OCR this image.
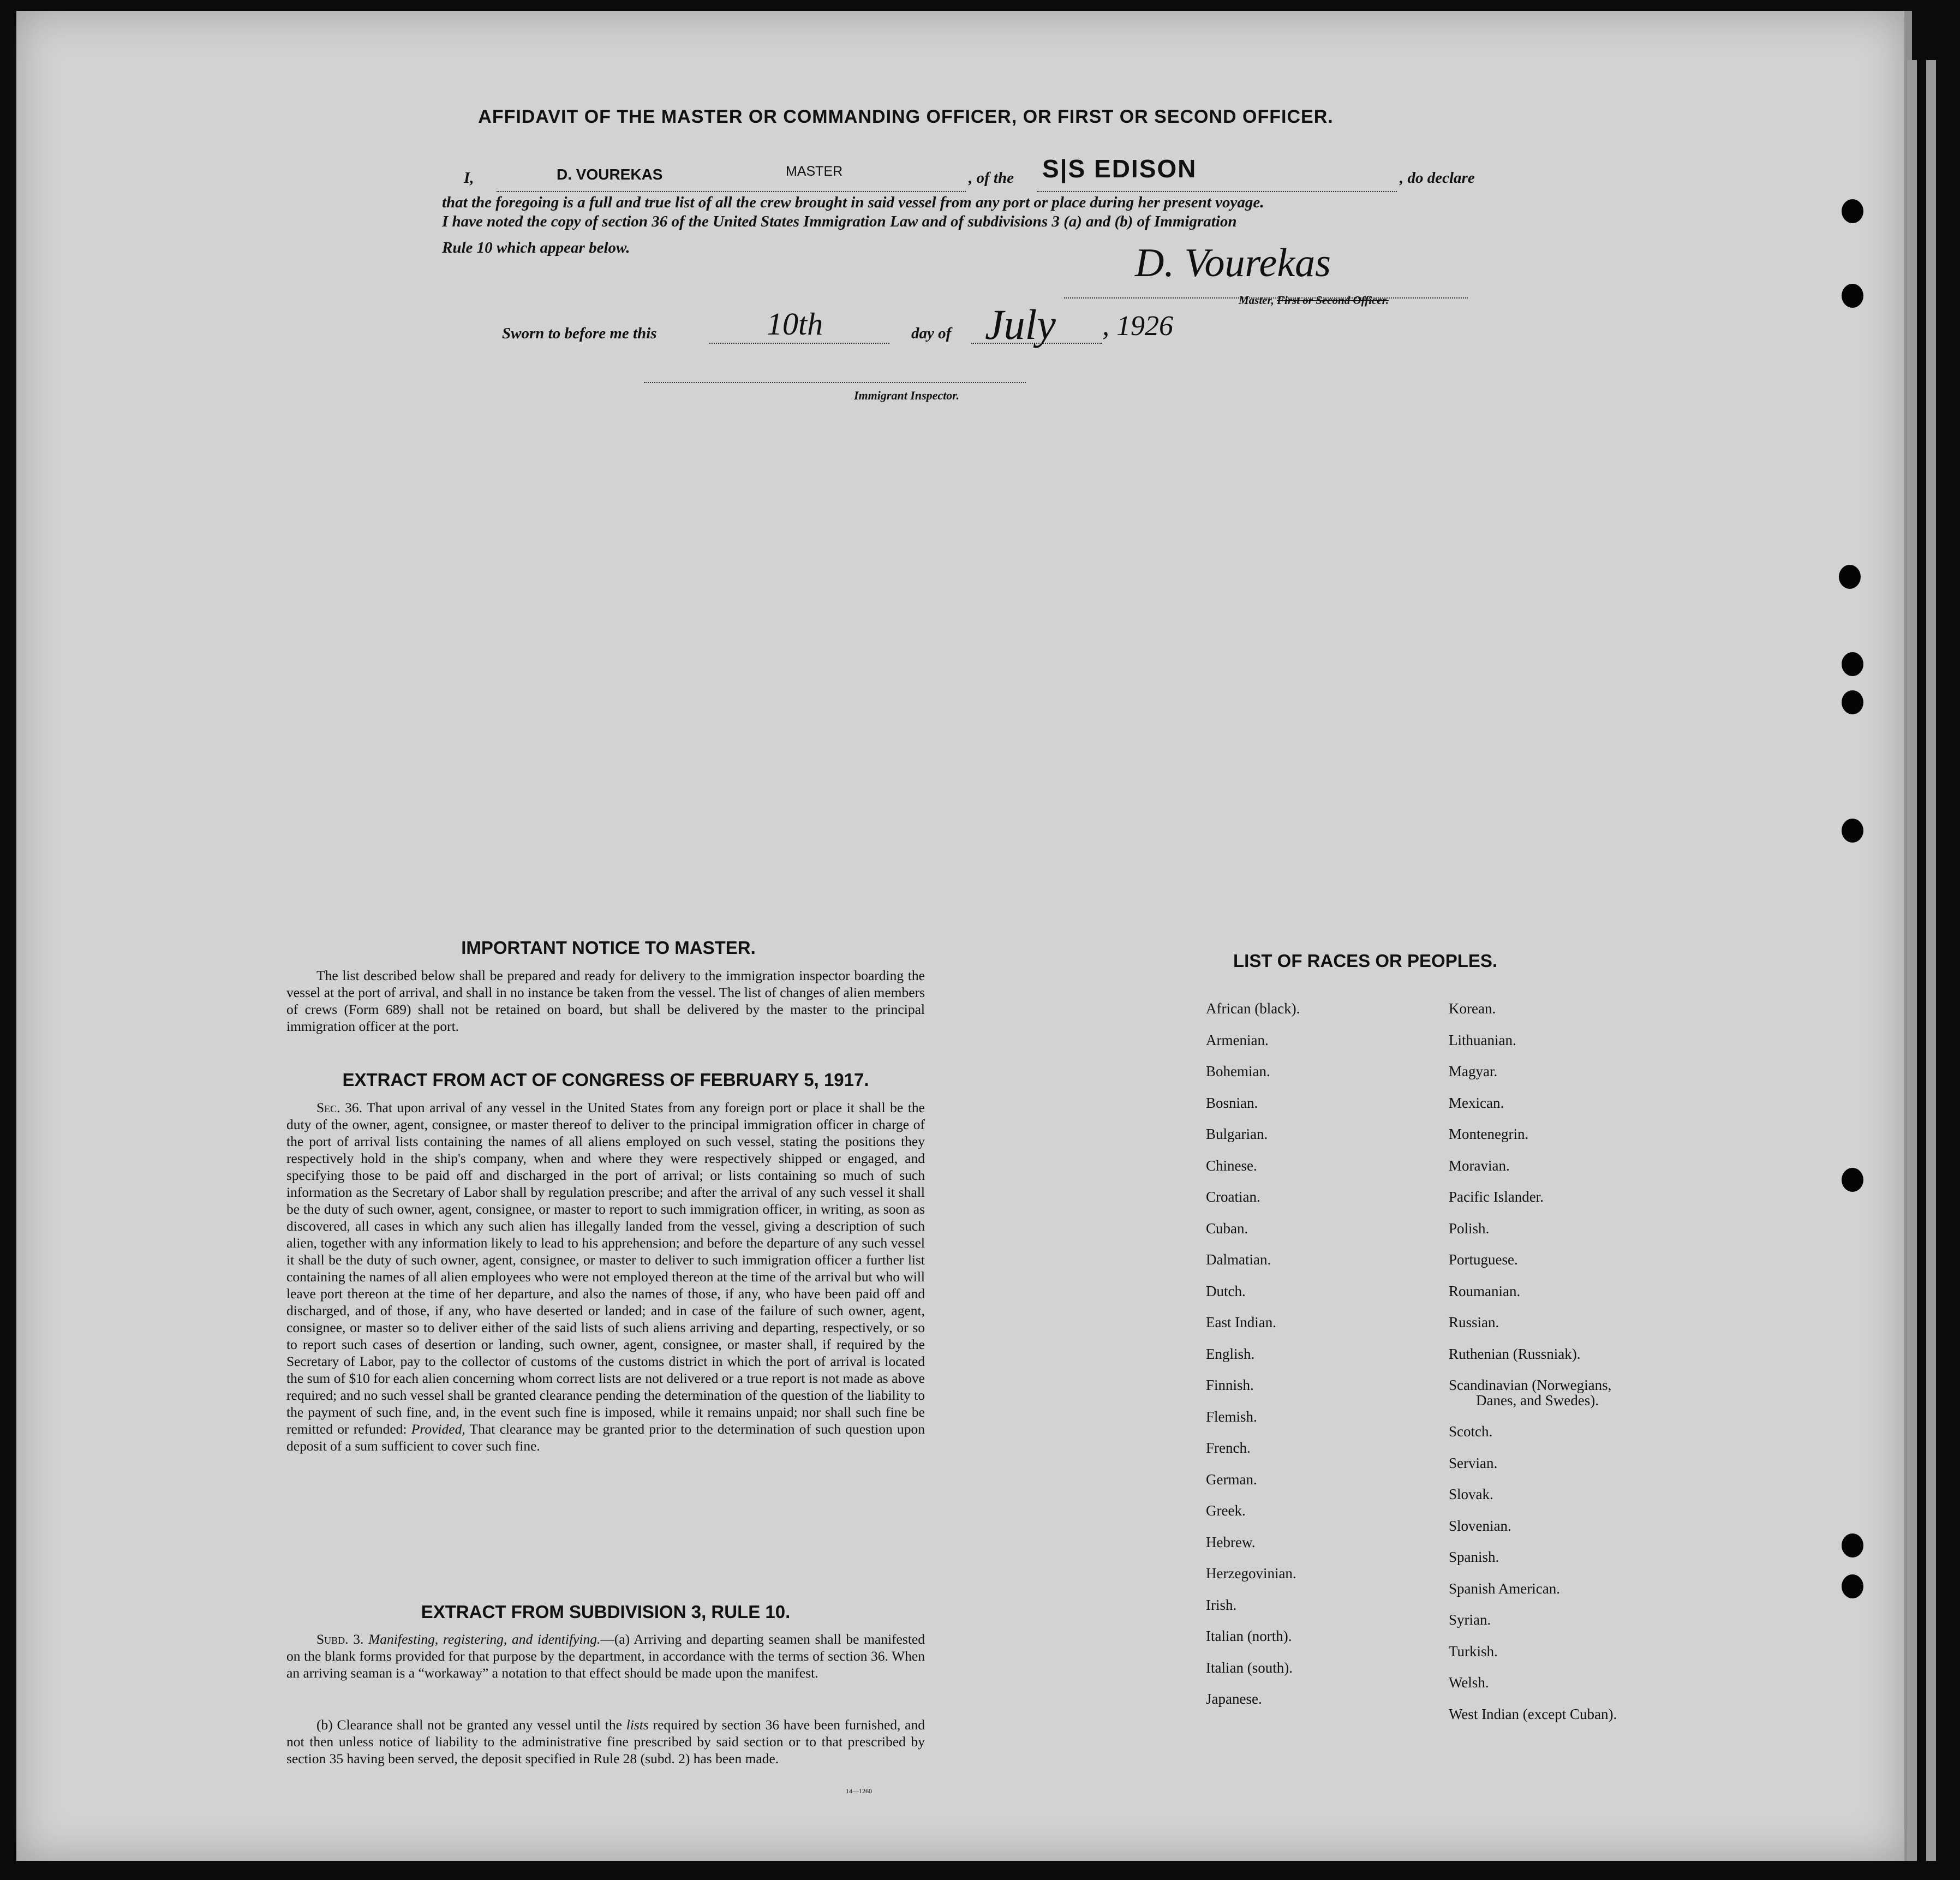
AFFIDAVIT OF THE MASTER OR COMMANDING OFFICER, OR FIRST OR SECOND OFFICER.
I,	D. VOUREKAS	MASTER	, of the S|S EDISON	, do declare
that the foregoing is a full and true list of all the crew brought in said vessel from any port or place during her present voyage.
I have noted the copy of section 36 of the United States Immigration Law and of subdivisions 3 (a) and (b) of Immigration
Rule 10 which appear below.	D. Vourekas
Master, First or Second Officer.
Sworn to before me this	10th	day of July , 1926
Immigrant Inspector.
IMPORTANT NOTICE TO MASTER.
The list described below shall be prepared and ready for delivery to the immigration inspector boarding the vessel at the port of arrival, and shall in no instance be taken from the vessel. The list of changes of alien members of crews (Form 689) shall not be retained on board, but shall be delivered by the master to the principal immigration officer at the port.
EXTRACT FROM ACT OF CONGRESS OF FEBRUARY 5, 1917.
Sec. 36. That upon arrival of any vessel in the United States from any foreign port or place it shall be the duty of the owner, agent, consignee, or master thereof to deliver to the principal immigration officer in charge of the port of arrival lists containing the names of all aliens employed on such vessel, stating the positions they respectively hold in the ship's company, when and where they were respectively shipped or engaged, and specifying those to be paid off and discharged in the port of arrival; or lists containing so much of such information as the Secretary of Labor shall by regulation prescribe; and after the arrival of any such vessel it shall be the duty of such owner, agent, consignee, or master to report to such immigration officer, in writing, as soon as discovered, all cases in which any such alien has illegally landed from the vessel, giving a description of such alien, together with any information likely to lead to his apprehension; and before the departure of any such vessel it shall be the duty of such owner, agent, consignee, or master to deliver to such immigration officer a further list containing the names of all alien employees who were not employed thereon at the time of the arrival but who will leave port thereon at the time of her departure, and also the names of those, if any, who have been paid off and discharged, and of those, if any, who have deserted or landed; and in case of the failure of such owner, agent, consignee, or master so to deliver either of the said lists of such aliens arriving and departing, respectively, or so to report such cases of desertion or landing, such owner, agent, consignee, or master shall, if required by the Secretary of Labor, pay to the collector of customs of the customs district in which the port of arrival is located the sum of $10 for each alien concerning whom correct lists are not delivered or a true report is not made as above required; and no such vessel shall be granted clearance pending the determination of the question of the liability to the payment of such fine, and, in the event such fine is imposed, while it remains unpaid; nor shall such fine be remitted or refunded: Provided, That clearance may be granted prior to the determination of such question upon deposit of a sum sufficient to cover such fine.
EXTRACT FROM SUBDIVISION 3, RULE 10.
Subd. 3. Manifesting, registering, and identifying.—(a) Arriving and departing seamen shall be manifested on the blank forms provided for that purpose by the department, in accordance with the terms of section 36. When an arriving seaman is a “workaway” a notation to that effect should be made upon the manifest.
(b) Clearance shall not be granted any vessel until the lists required by section 36 have been furnished, and not then unless notice of liability to the administrative fine prescribed by said section or to that prescribed by section 35 having been served, the deposit specified in Rule 28 (subd. 2) has been made.
14—1260
LIST OF RACES OR PEOPLES.
African (black).
Armenian.
Bohemian.
Bosnian.
Bulgarian.
Chinese.
Croatian.
Cuban.
Dalmatian.
Dutch.
East Indian.
English.
Finnish.
Flemish.
French.
German.
Greek.
Hebrew.
Herzegovinian.
Irish.
Italian (north).
Italian (south).
Japanese.
Korean.
Lithuanian.
Magyar.
Mexican.
Montenegrin.
Moravian.
Pacific Islander.
Polish.
Portuguese.
Roumanian.
Russian.
Ruthenian (Russniak).
Scandinavian (Norwegians,
Danes, and Swedes).
Scotch.
Servian.
Slovak.
Slovenian.
Spanish.
Spanish American.
Syrian.
Turkish.
Welsh.
West Indian (except Cuban).
